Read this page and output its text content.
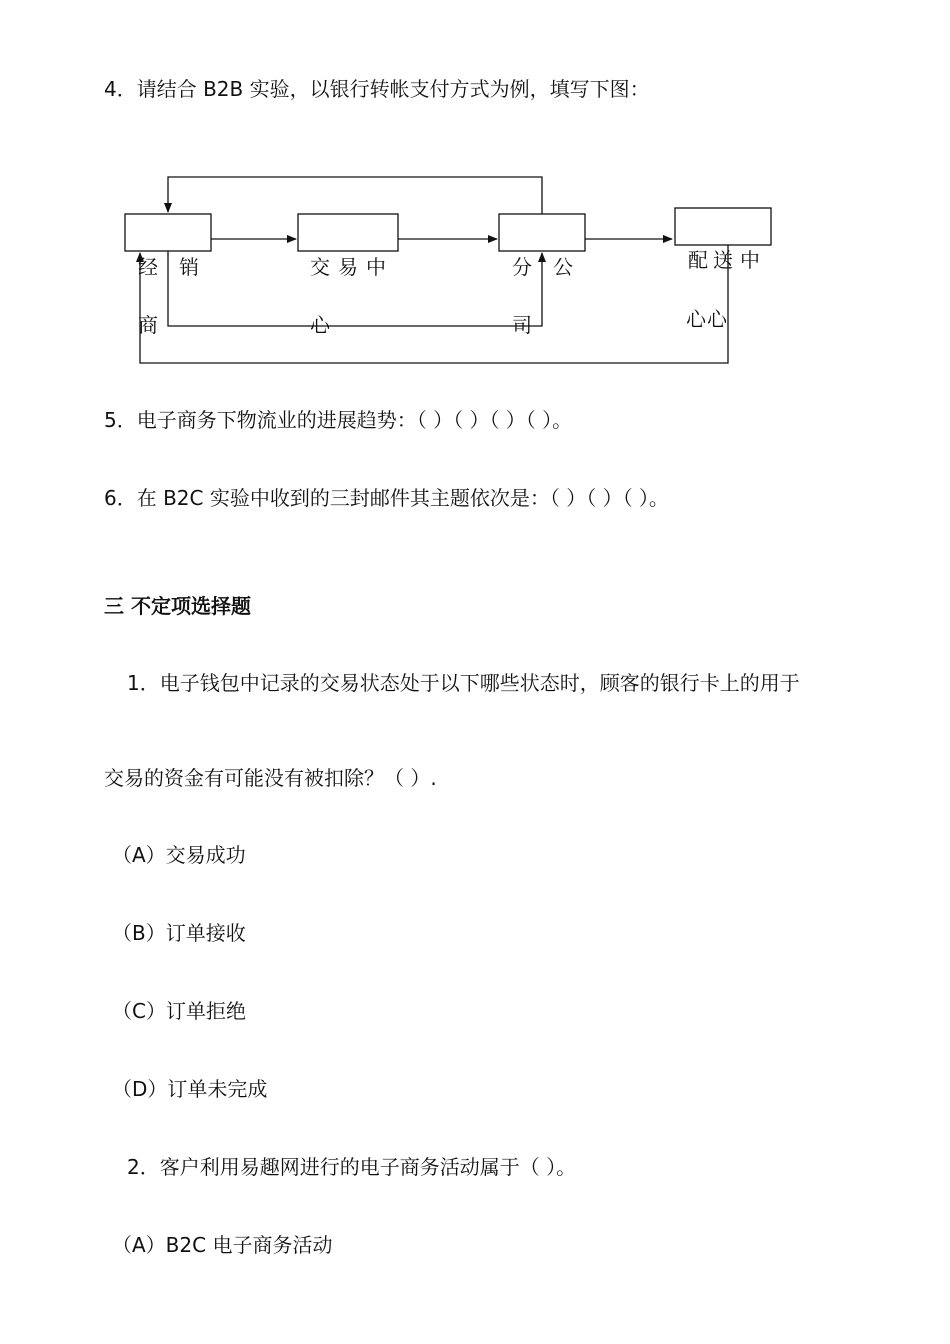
4．请结合 B2B 实验，以银行转帐支付方式为例，填写下图：
经 销
商
交 易 中
心
分 公
司
配 送 中
心 心
5．电子商务下物流业的进展趋势：（ ）（ ）（ ）（ ）。
6．在 B2C 实验中收到的三封邮件其主题依次是：（ ）（ ）（ ）。
三 不定项选择题
1．电子钱包中记录的交易状态处于以下哪些状态时，顾客的银行卡上的用于
交易的资金有可能没有被扣除？（ ）.
（A）交易成功
（B）订单接收
（C）订单拒绝
（D）订单未完成
2．客户利用易趣网进行的电子商务活动属于（ ）。
（A）B2C 电子商务活动
